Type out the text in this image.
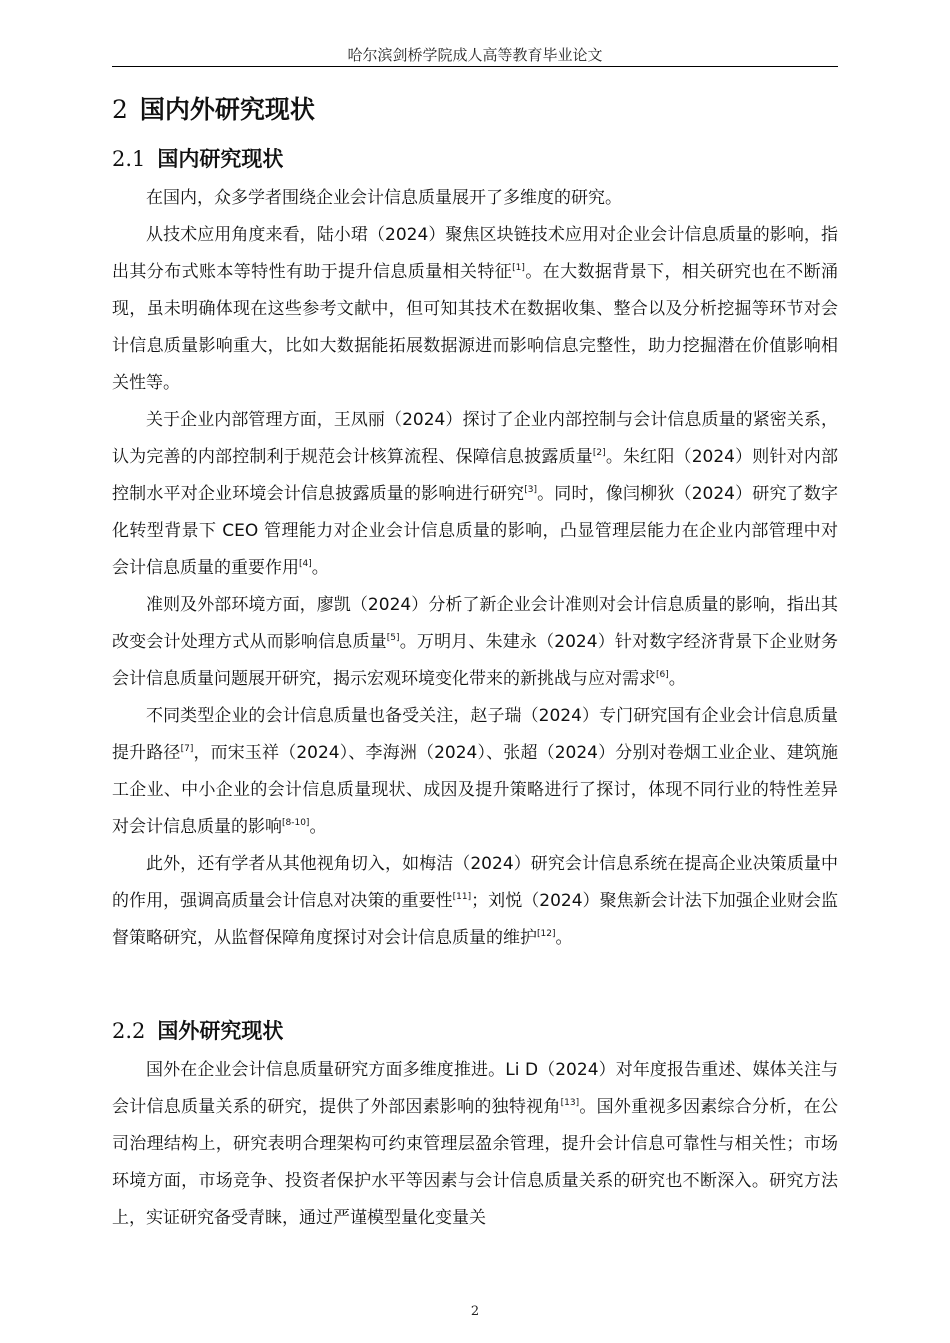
哈尔滨剑桥学院成人高等教育毕业论文
2 国内外研究现状
2.1 国内研究现状

在国内，众多学者围绕企业会计信息质量展开了多维度的研究。

从技术应用角度来看，陆小珺（2024）聚焦区块链技术应用对企业会计信息质量的影响，指出其分布式账本等特性有助于提升信息质量相关特征[1]。在大数据背景下，相关研究也在不断涌现，虽未明确体现在这些参考文献中，但可知其技术在数据收集、整合以及分析挖掘等环节对会计信息质量影响重大，比如大数据能拓展数据源进而影响信息完整性，助力挖掘潜在价值影响相关性等。

关于企业内部管理方面，王凤丽（2024）探讨了企业内部控制与会计信息质量的紧密关系，认为完善的内部控制利于规范会计核算流程、保障信息披露质量[2]。朱红阳（2024）则针对内部控制水平对企业环境会计信息披露质量的影响进行研究[3]。同时，像闫柳狄（2024）研究了数字化转型背景下 CEO 管理能力对企业会计信息质量的影响，凸显管理层能力在企业内部管理中对会计信息质量的重要作用[4]。

准则及外部环境方面，廖凯（2024）分析了新企业会计准则对会计信息质量的影响，指出其改变会计处理方式从而影响信息质量[5]。万明月、朱建永（2024）针对数字经济背景下企业财务会计信息质量问题展开研究，揭示宏观环境变化带来的新挑战与应对需求[6]。

不同类型企业的会计信息质量也备受关注，赵子瑞（2024）专门研究国有企业会计信息质量提升路径[7]，而宋玉祥（2024）、李海洲（2024）、张超（2024）分别对卷烟工业企业、建筑施工企业、中小企业的会计信息质量现状、成因及提升策略进行了探讨，体现不同行业的特性差异对会计信息质量的影响[8-10]。

此外，还有学者从其他视角切入，如梅洁（2024）研究会计信息系统在提高企业决策质量中的作用，强调高质量会计信息对决策的重要性[11]；刘悦（2024）聚焦新会计法下加强企业财会监督策略研究，从监督保障角度探讨对会计信息质量的维护[12]。

2.2 国外研究现状

国外在企业会计信息质量研究方面多维度推进。Li D（2024）对年度报告重述、媒体关注与会计信息质量关系的研究，提供了外部因素影响的独特视角[13]。国外重视多因素综合分析，在公司治理结构上，研究表明合理架构可约束管理层盈余管理，提升会计信息可靠性与相关性；市场环境方面，市场竞争、投资者保护水平等因素与会计信息质量关系的研究也不断深入。研究方法上，实证研究备受青睐，通过严谨模型量化变量关

2
